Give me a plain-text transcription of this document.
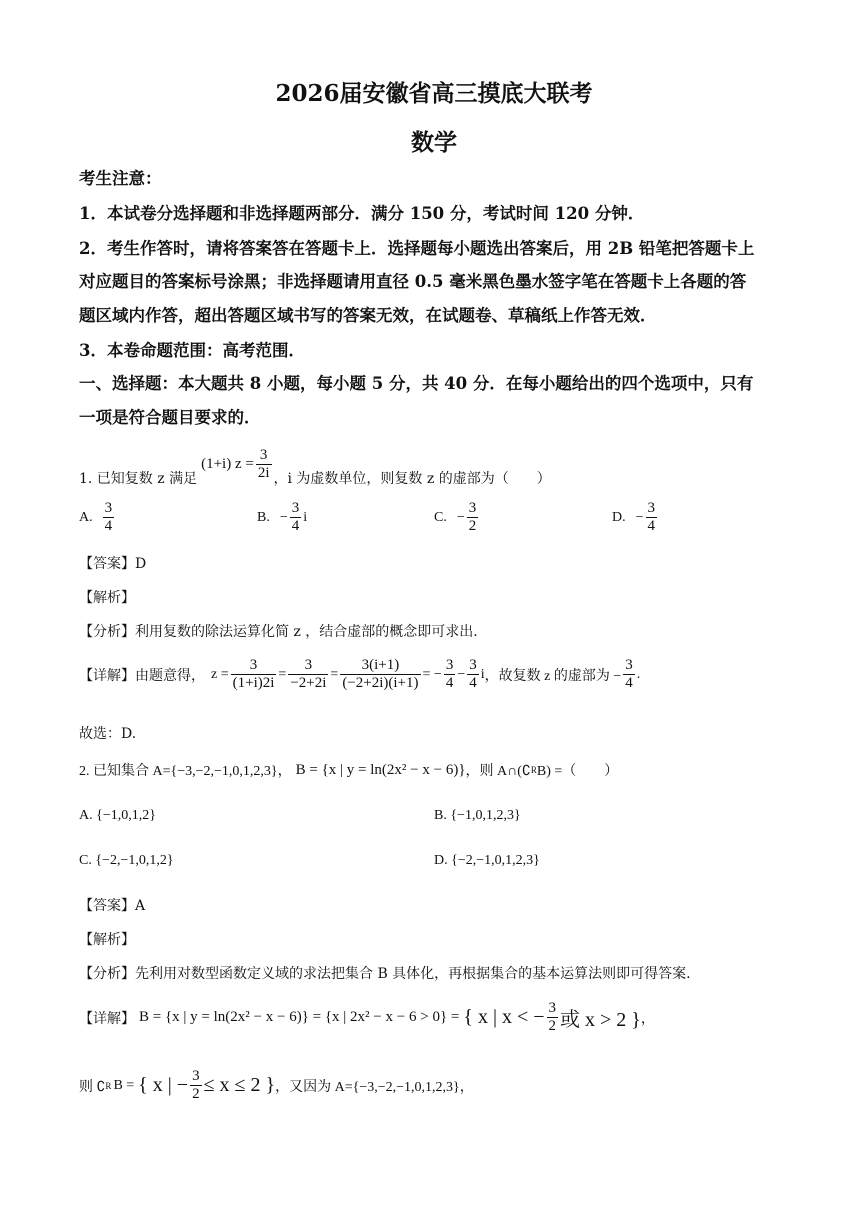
2026届安徽省高三摸底大联考
数学
考生注意：
1．本试卷分选择题和非选择题两部分．满分 150 分，考试时间 120 分钟．
2．考生作答时，请将答案答在答题卡上．选择题每小题选出答案后，用 2B 铅笔把答题卡上
对应题目的答案标号涂黑；非选择题请用直径 0.5 毫米黑色墨水签字笔在答题卡上各题的答
题区域内作答，超出答题区域书写的答案无效，在试题卷、草稿纸上作答无效．
3．本卷命题范围：高考范围．
一、选择题：本大题共 8 小题，每小题 5 分，共 40 分．在每小题给出的四个选项中，只有
一项是符合题目要求的．
1. 已知复数 z 满足
(1+i) $z = \frac{3}{2i}$ ，i 为虚数单位，则复数 z 的虚部为（　　）
A. $\frac{3}{4}$	B. − $\frac{3}{4}$ i	C. − $\frac{3}{2}$	D. − $\frac{3}{4}$
【答案】D
【解析】
【分析】利用复数的除法运算化简 z ，结合虚部的概念即可求出.
【详解】由题意得， $z = \frac{3}{(1+i)2i} = \frac{3}{-2+2i} = \frac{3(i+1)}{(-2+2i)(i+1)}$ = − $\frac{3}{4} - \frac{3}{4}$ i ，故复数 z 的虚部为 − $\frac{3}{4}$ .
故选：D.
2. 已知集合 A={−3,−2,−1,0,1,2,3}， B = {x | y = ln(2x² − x − 6)} ，则 A∩(∁ R B) =（　　）
A. {−1,0,1,2}	B. {−1,0,1,2,3}
C. {−2,−1,0,1,2}	D. {−2,−1,0,1,2,3}
【答案】A
【解析】
【分析】先利用对数型函数定义域的求法把集合 B 具体化，再根据集合的基本运算法则即可得答案.
【详解】 B = {x | y = ln(2x² − x − 6)} = {x | 2x² − x − 6 > 0} = { x | x < − $\frac{3}{2}$ 或 x > 2 } ，
则 ∁ R B = { x | − $\frac{3}{2} \le x \le 2$ } ，又因为 A={−3,−2,−1,0,1,2,3}，
